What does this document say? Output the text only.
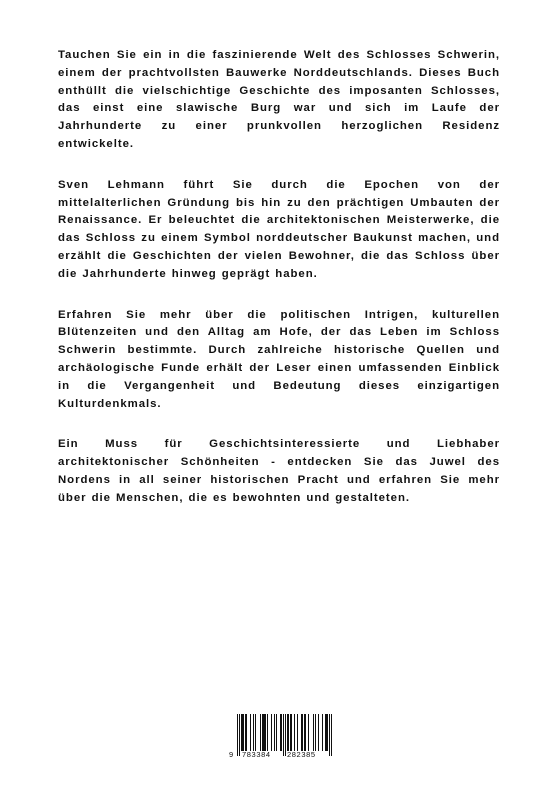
Tauchen Sie ein in die faszinierende Welt des Schlosses Schwerin, einem der prachtvollsten Bauwerke Norddeutschlands. Dieses Buch enthüllt die vielschichtige Geschichte des imposanten Schlosses, das einst eine slawische Burg war und sich im Laufe der Jahrhunderte zu einer prunkvollen herzoglichen Residenz entwickelte.

Sven Lehmann führt Sie durch die Epochen von der mittelalterlichen Gründung bis hin zu den prächtigen Umbauten der Renaissance. Er beleuchtet die architektonischen Meisterwerke, die das Schloss zu einem Symbol norddeutscher Baukunst machen, und erzählt die Geschichten der vielen Bewohner, die das Schloss über die Jahrhunderte hinweg geprägt haben.

Erfahren Sie mehr über die politischen Intrigen, kulturellen Blütenzeiten und den Alltag am Hofe, der das Leben im Schloss Schwerin bestimmte. Durch zahlreiche historische Quellen und archäologische Funde erhält der Leser einen umfassenden Einblick in die Vergangenheit und Bedeutung dieses einzigartigen Kulturdenkmals.

Ein Muss für Geschichtsinteressierte und Liebhaber architektonischer Schönheiten - entdecken Sie das Juwel des Nordens in all seiner historischen Pracht und erfahren Sie mehr über die Menschen, die es bewohnten und gestalteten.

9 783384 282385
